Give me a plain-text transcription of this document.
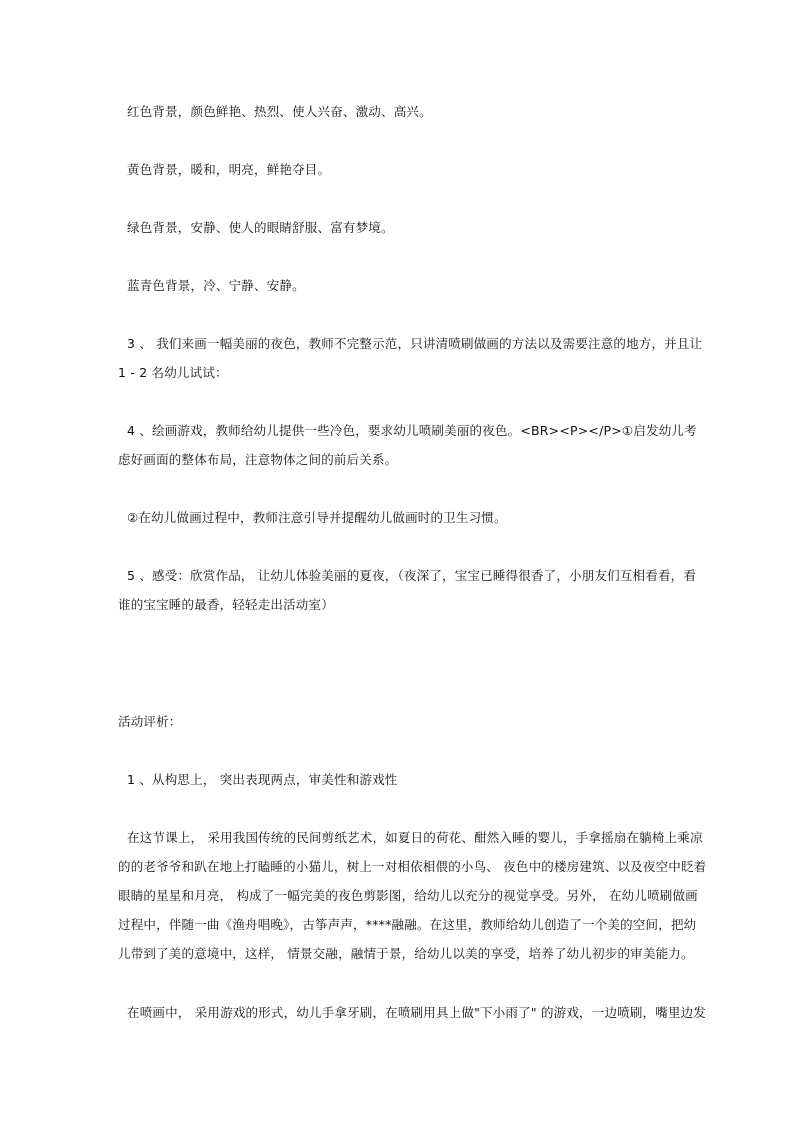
红色背景，颜色鲜艳、热烈、使人兴奋、激动、高兴。
黄色背景，暖和，明亮，鲜艳夺目。
绿色背景，安静、使人的眼睛舒服、富有梦境。
蓝青色背景，冷、宁静、安静。
3 、 我们来画一幅美丽的夜色，教师不完整示范，只讲清喷刷做画的方法以及需要注意的地方，并且让
1 - 2 名幼儿试试：
4 、绘画游戏，教师给幼儿提供一些冷色，要求幼儿喷刷美丽的夜色。<BR><P></P>①启发幼儿考
虑好画面的整体布局，注意物体之间的前后关系。
②在幼儿做画过程中，教师注意引导并提醒幼儿做画时的卫生习惯。
5 、感受：欣赏作品， 让幼儿体验美丽的夏夜，（夜深了，宝宝已睡得很香了，小朋友们互相看看，看
谁的宝宝睡的最香，轻轻走出活动室）
活动评析：
1 、从构思上， 突出表现两点，审美性和游戏性
在这节课上， 采用我国传统的民间剪纸艺术，如夏日的荷花、酣然入睡的婴儿，手拿摇扇在躺椅上乘凉
的的老爷爷和趴在地上打瞌睡的小猫儿，树上一对相依相偎的小鸟、 夜色中的楼房建筑、以及夜空中眨着
眼睛的星星和月亮， 构成了一幅完美的夜色剪影图，给幼儿以充分的视觉享受。另外， 在幼儿喷刷做画
过程中，伴随一曲《渔舟唱晚》，古筝声声，****融融。在这里，教师给幼儿创造了一个美的空间，把幼
儿带到了美的意境中，这样， 情景交融，融情于景，给幼儿以美的享受，培养了幼儿初步的审美能力。
在喷画中， 采用游戏的形式，幼儿手拿牙刷，在喷刷用具上做"下小雨了" 的游戏，一边喷刷，嘴里边发
